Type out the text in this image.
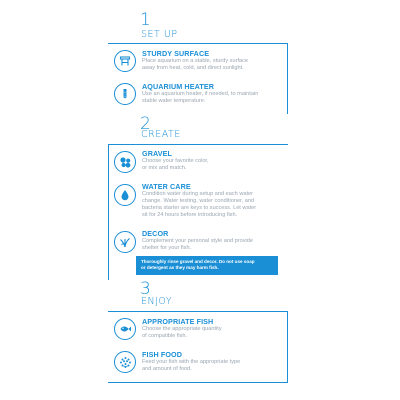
1
SET UP
STURDY SURFACE
Place aquarium on a stable, sturdy surface
away from heat, cold, and direct sunlight.
AQUARIUM HEATER
Use an aquarium heater, if needed, to maintain
stable water temperature.
2
CREATE
GRAVEL
Choose your favorite color,
or mix and match.
WATER CARE
Condition water during setup and each water
change. Water testing, water conditioner, and
bacteria starter are keys to success. Let water
sit for 24 hours before introducing fish.
DECOR
Complement your personal style and provide
shelter for your fish.
Thoroughly rinse gravel and decor. Do not use soap
or detergent as they may harm fish.
3
ENJOY
APPROPRIATE FISH
Choose the appropriate quantity
of compatible fish.
FISH FOOD
Feed your fish with the appropriate type
and amount of food.
